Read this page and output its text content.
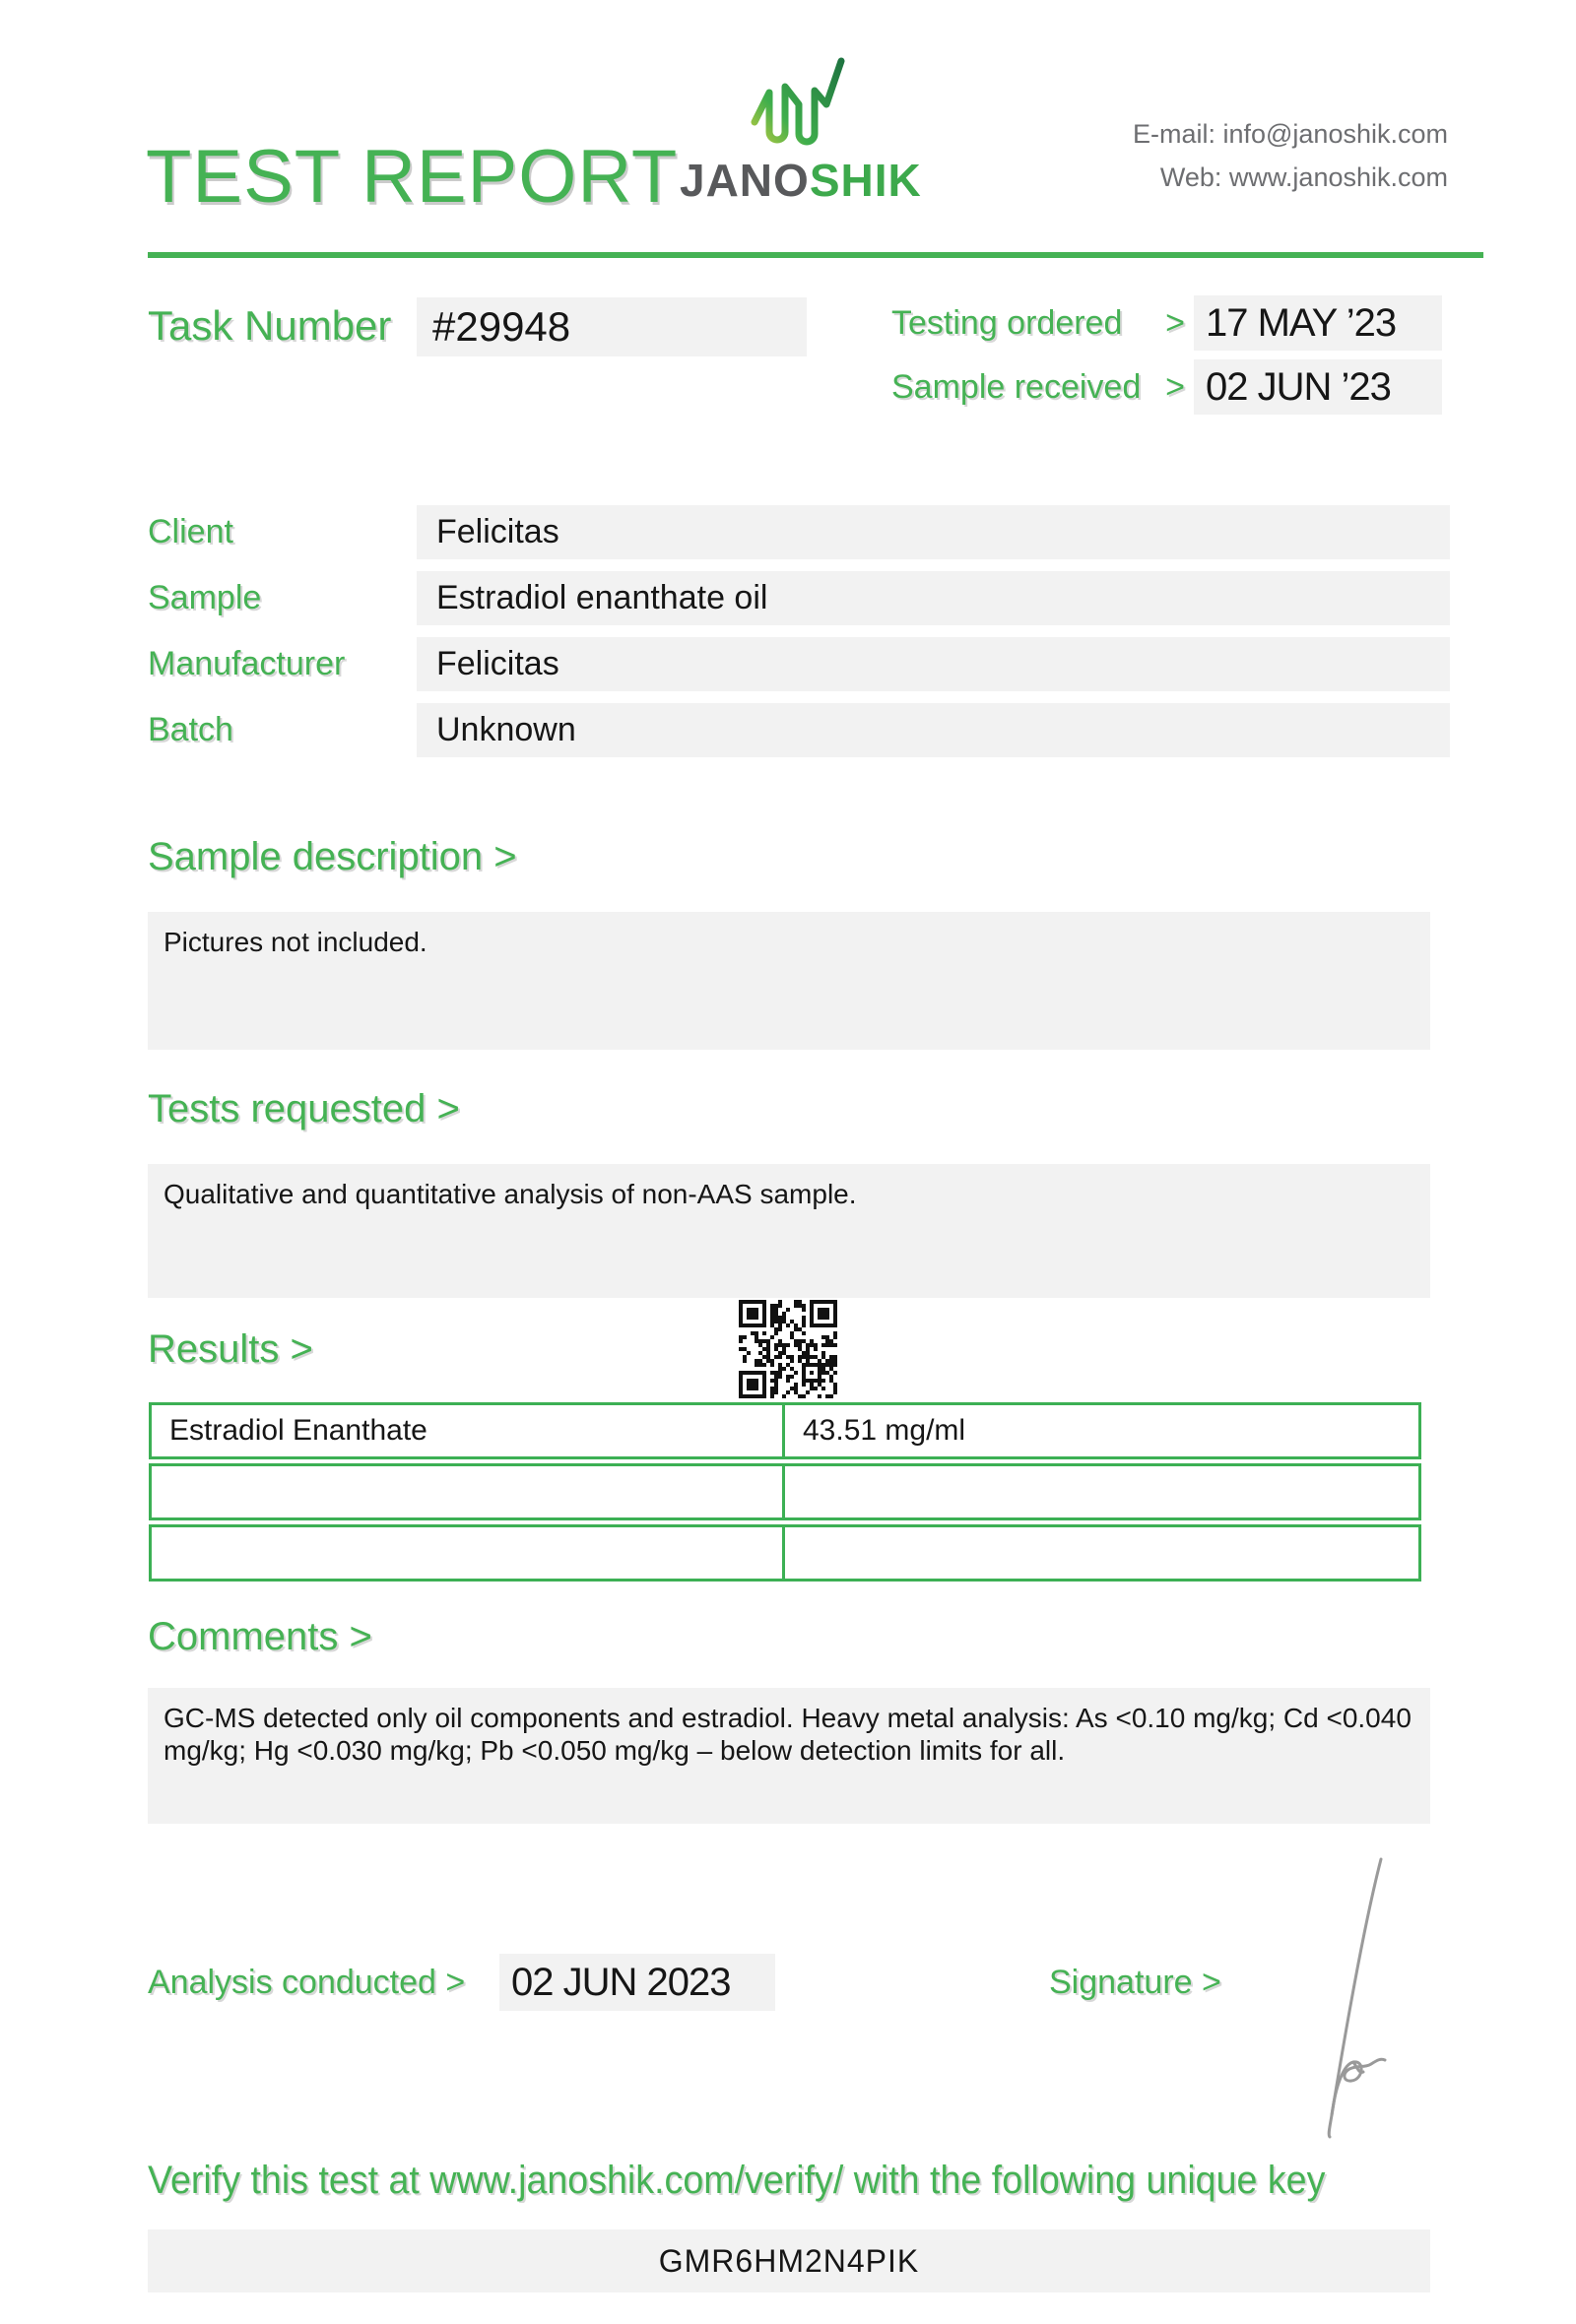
TEST REPORT JANOSHIK
E-mail: info@janoshik.com
Web: www.janoshik.com
Task Number #29948	Testing ordered > 17 MAY ’23
Sample received > 02 JUN ’23
Client	Felicitas
Sample	Estradiol enanthate oil
Manufacturer	Felicitas
Batch	Unknown
Sample description >
Pictures not included.
Tests requested >
Qualitative and quantitative analysis of non-AAS sample.
Results >
Estradiol Enanthate	43.51 mg/ml
Comments >
GC-MS detected only oil components and estradiol. Heavy metal analysis: As <0.10 mg/kg; Cd <0.040 mg/kg; Hg <0.030 mg/kg; Pb <0.050 mg/kg – below detection limits for all.
Analysis conducted >	02 JUN 2023	Signature >
Verify this test at www.janoshik.com/verify/ with the following unique key
GMR6HM2N4PIK
